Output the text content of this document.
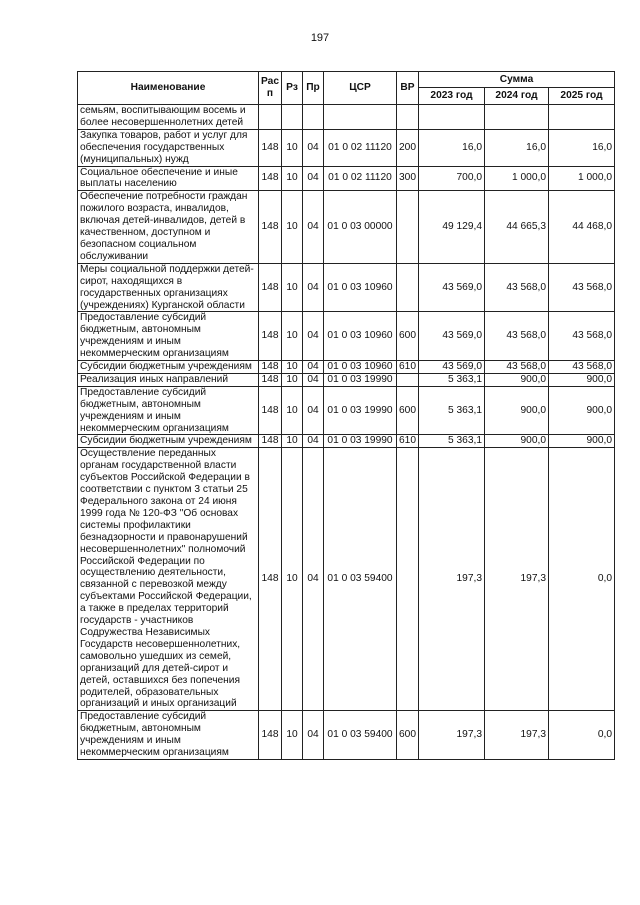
197
Наименование	Рас п	Рз	Пр	ЦСР	ВР	Сумма		
						2023 год	2024 год	2025 год
семьям, воспитывающим восемь и более несовершеннолетних детей								
Закупка товаров, работ и услуг для обеспечения государственных (муниципальных) нужд	148	10	04	01 0 02 11120	200	16,0	16,0	16,0
Социальное обеспечение и иные выплаты населению	148	10	04	01 0 02 11120	300	700,0	1 000,0	1 000,0
Обеспечение потребности граждан пожилого возраста, инвалидов, включая детей-инвалидов, детей в качественном, доступном и безопасном социальном обслуживании	148	10	04	01 0 03 00000		49 129,4	44 665,3	44 468,0
Меры социальной поддержки детей-сирот, находящихся в государственных организациях (учреждениях) Курганской области	148	10	04	01 0 03 10960		43 569,0	43 568,0	43 568,0
Предоставление субсидий бюджетным, автономным учреждениям и иным некоммерческим организациям	148	10	04	01 0 03 10960	600	43 569,0	43 568,0	43 568,0
Субсидии бюджетным учреждениям	148	10	04	01 0 03 10960	610	43 569,0	43 568,0	43 568,0
Реализация иных направлений	148	10	04	01 0 03 19990		5 363,1	900,0	900,0
Предоставление субсидий бюджетным, автономным учреждениям и иным некоммерческим организациям	148	10	04	01 0 03 19990	600	5 363,1	900,0	900,0
Субсидии бюджетным учреждениям	148	10	04	01 0 03 19990	610	5 363,1	900,0	900,0
Осуществление переданных органам государственной власти субъектов Российской Федерации в соответствии с пунктом 3 статьи 25 Федерального закона от 24 июня 1999 года № 120-ФЗ "Об основах системы профилактики безнадзорности и правонарушений несовершеннолетних" полномочий Российской Федерации по осуществлению деятельности, связанной с перевозкой между субъектами Российской Федерации, а также в пределах территорий государств - участников Содружества Независимых Государств несовершеннолетних, самовольно ушедших из семей, организаций для детей-сирот и детей, оставшихся без попечения родителей, образовательных организаций и иных организаций	148	10	04	01 0 03 59400		197,3	197,3	0,0
Предоставление субсидий бюджетным, автономным учреждениям и иным некоммерческим организациям	148	10	04	01 0 03 59400	600	197,3	197,3	0,0
